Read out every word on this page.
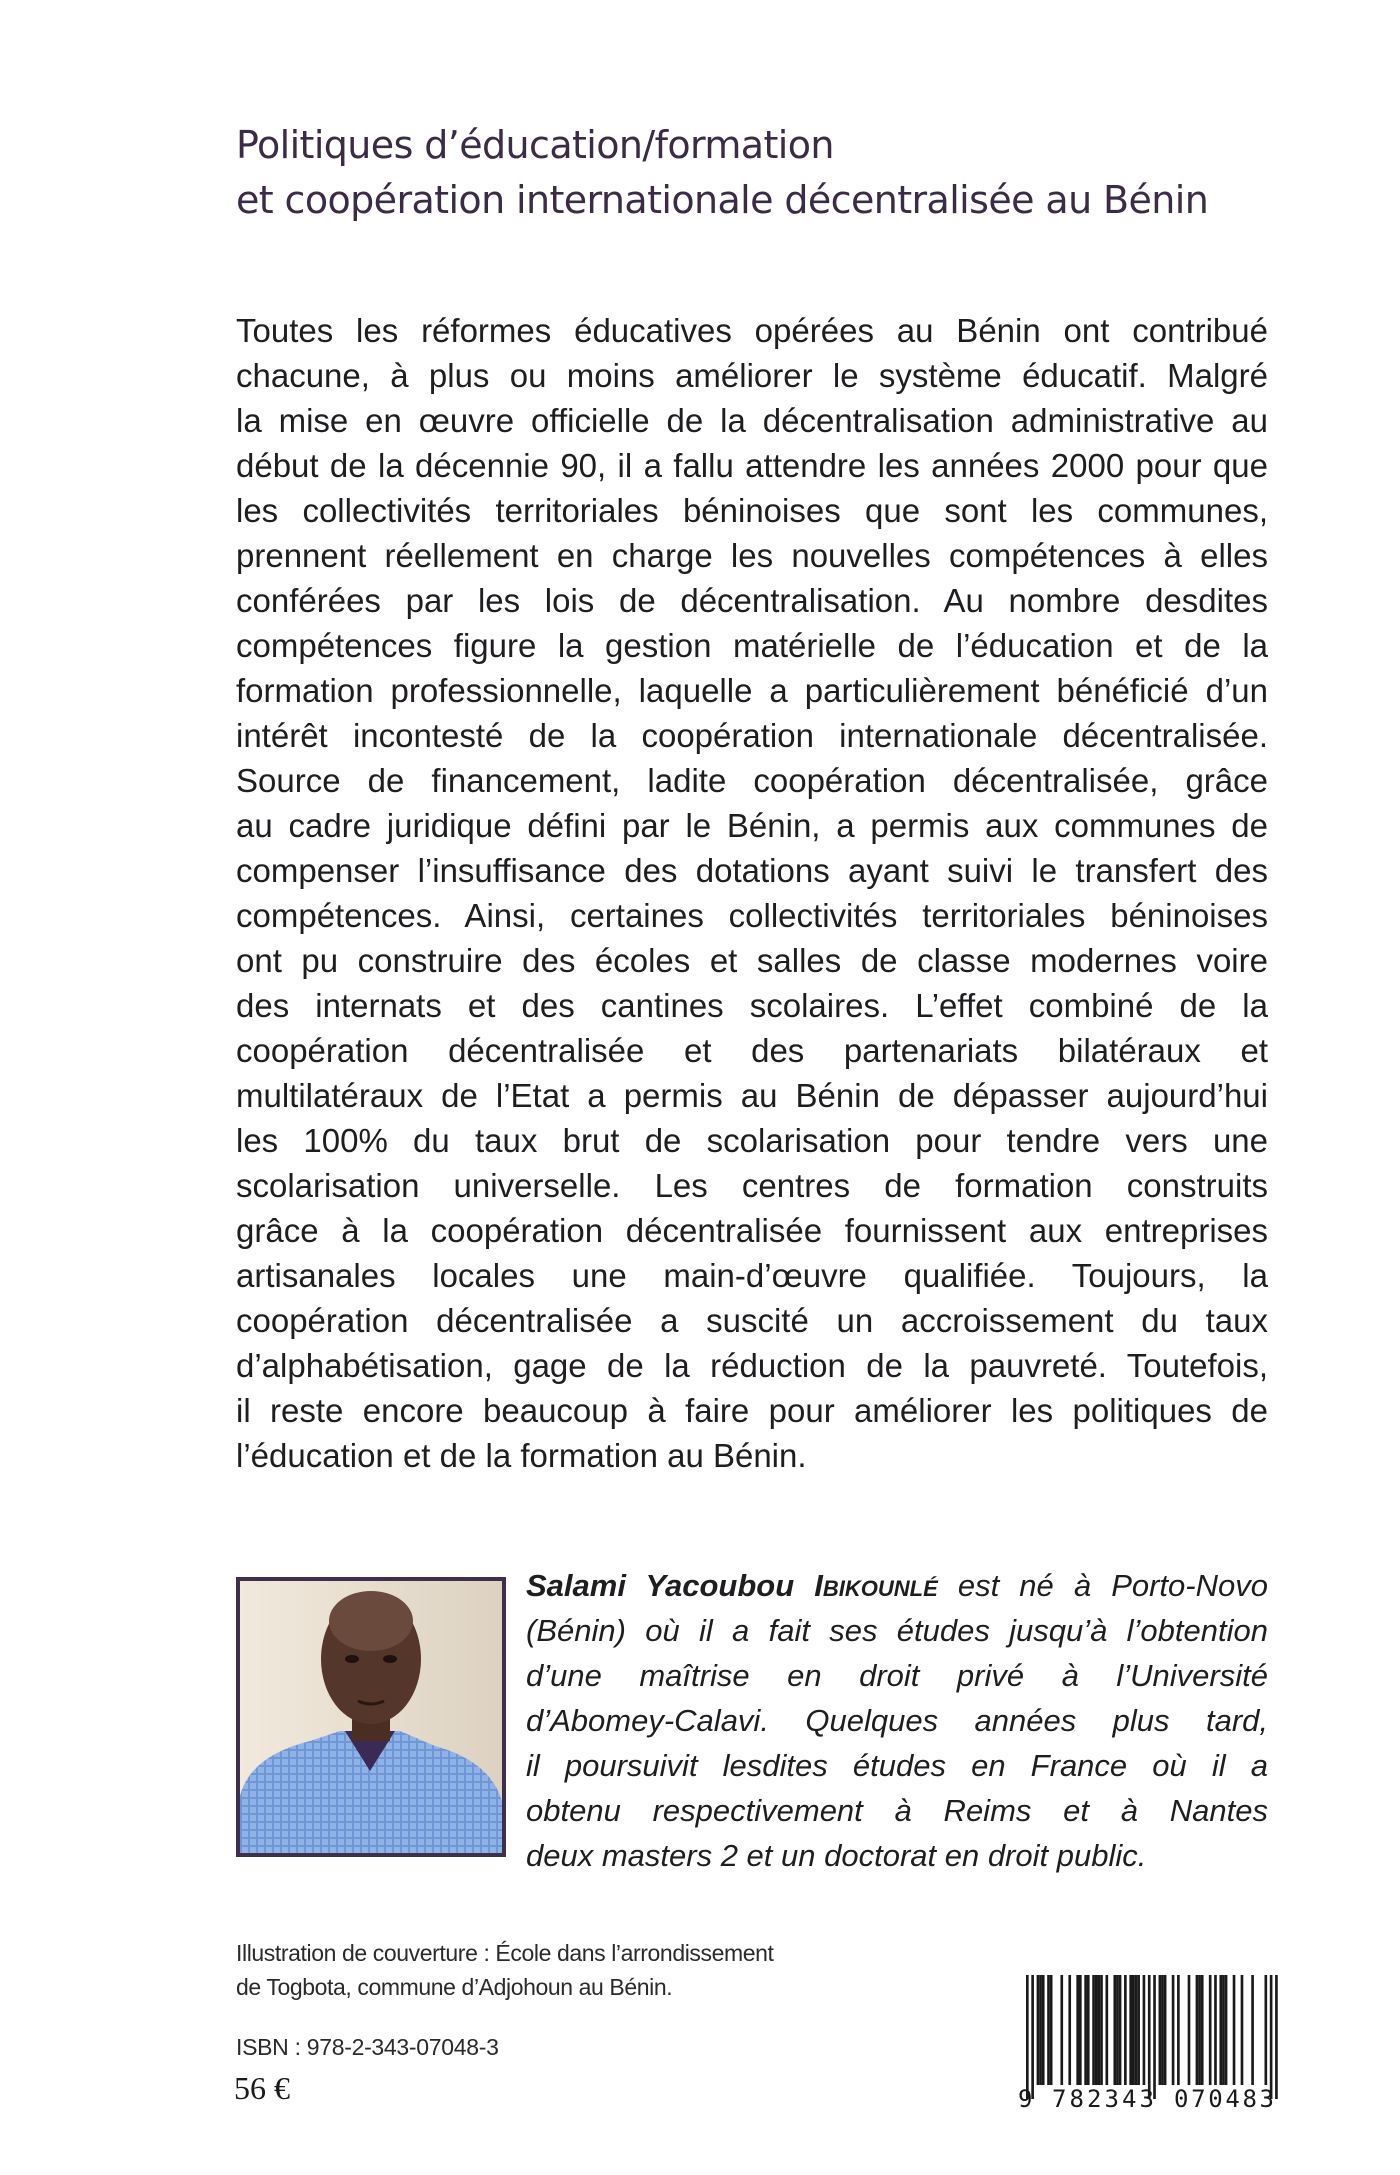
Politiques d’éducation/formation
et coopération internationale décentralisée au Bénin
Toutes les réformes éducatives opérées au Bénin ont contribué
chacune, à plus ou moins améliorer le système éducatif. Malgré
la mise en œuvre officielle de la décentralisation administrative au
début de la décennie 90, il a fallu attendre les années 2000 pour que
les collectivités territoriales béninoises que sont les communes,
prennent réellement en charge les nouvelles compétences à elles
conférées par les lois de décentralisation. Au nombre desdites
compétences figure la gestion matérielle de l’éducation et de la
formation professionnelle, laquelle a particulièrement bénéficié d’un
intérêt incontesté de la coopération internationale décentralisée.
Source de financement, ladite coopération décentralisée, grâce
au cadre juridique défini par le Bénin, a permis aux communes de
compenser l’insuffisance des dotations ayant suivi le transfert des
compétences. Ainsi, certaines collectivités territoriales béninoises
ont pu construire des écoles et salles de classe modernes voire
des internats et des cantines scolaires. L’effet combiné de la
coopération décentralisée et des partenariats bilatéraux et
multilatéraux de l’Etat a permis au Bénin de dépasser aujourd’hui
les 100% du taux brut de scolarisation pour tendre vers une
scolarisation universelle. Les centres de formation construits
grâce à la coopération décentralisée fournissent aux entreprises
artisanales locales une main-d’œuvre qualifiée. Toujours, la
coopération décentralisée a suscité un accroissement du taux
d’alphabétisation, gage de la réduction de la pauvreté. Toutefois,
il reste encore beaucoup à faire pour améliorer les politiques de
l’éducation et de la formation au Bénin.
Salami Yacoubou Ibikounlé est né à Porto-Novo
(Bénin) où il a fait ses études jusqu’à l’obtention
d’une maîtrise en droit privé à l’Université
d’Abomey-Calavi. Quelques années plus tard,
il poursuivit lesdites études en France où il a
obtenu respectivement à Reims et à Nantes
deux masters 2 et un doctorat en droit public.
Illustration de couverture : École dans l’arrondissement
de Togbota, commune d’Adjohoun au Bénin.
ISBN : 978-2-343-07048-3
56 €	9 782343 070483
